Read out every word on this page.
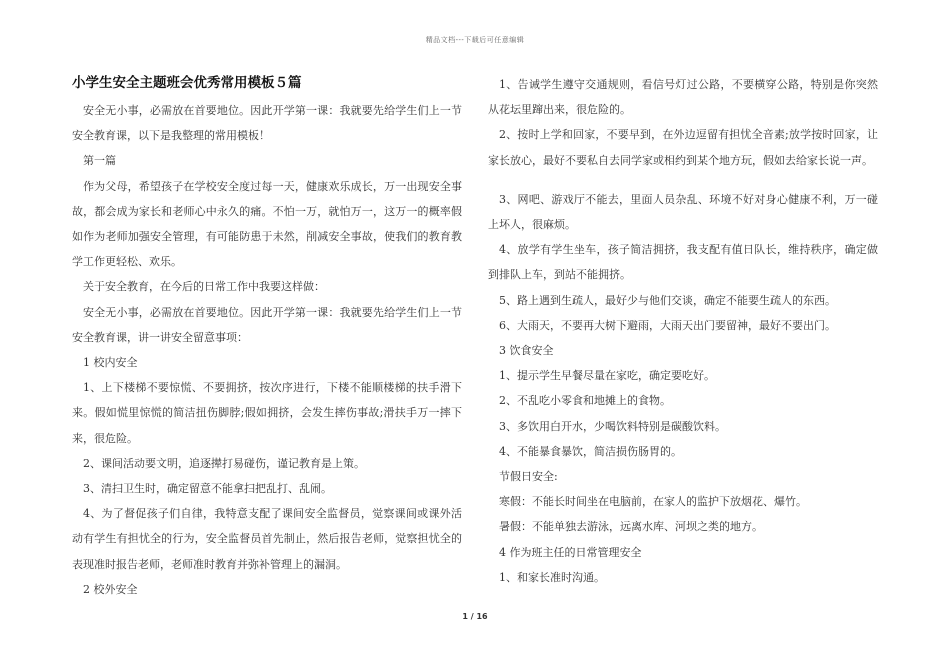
精品文档---下载后可任意编辑
小学生安全主题班会优秀常用模板５篇

安全无小事，必需放在首要地位。因此开学第一课：我就要先给学生们上一节安全教育课，以下是我整理的常用模板！

第一篇

作为父母，希望孩子在学校安全度过每一天，健康欢乐成长，万一出现安全事故，都会成为家长和老师心中永久的痛。不怕一万，就怕万一，这万一的概率假如作为老师加强安全管理，有可能防患于未然，削减安全事故，使我们的教育教学工作更轻松、欢乐。

关于安全教育，在今后的日常工作中我要这样做：

安全无小事，必需放在首要地位。因此开学第一课：我就要先给学生们上一节安全教育课，讲一讲安全留意事项：

1 校内安全

1、上下楼梯不要惊慌、不要拥挤，按次序进行，下楼不能顺楼梯的扶手滑下来。假如慌里惊慌的简洁扭伤脚脖;假如拥挤，会发生摔伤事故;滑扶手万一摔下来，很危险。

2、课间活动要文明，追逐撵打易碰伤，谨记教育是上策。

3、清扫卫生时，确定留意不能拿扫把乱打、乱闹。

4、为了督促孩子们自律，我特意支配了课间安全监督员，觉察课间或课外活动有学生有担忧全的行为，安全监督员首先制止，然后报告老师，觉察担忧全的表现准时报告老师，老师准时教育并弥补管理上的漏洞。

2 校外安全

1、告诫学生遵守交通规则，看信号灯过公路，不要横穿公路，特别是你突然从花坛里蹿出来，很危险的。

2、按时上学和回家，不要早到，在外边逗留有担忧全音素;放学按时回家，让家长放心，最好不要私自去同学家或相约到某个地方玩，假如去给家长说一声。

3、网吧、游戏厅不能去，里面人员杂乱、环境不好对身心健康不利，万一碰上坏人，很麻烦。

4、放学有学生坐车，孩子简洁拥挤，我支配有值日队长，维持秩序，确定做到排队上车，到站不能拥挤。

5、路上遇到生疏人，最好少与他们交谈，确定不能要生疏人的东西。

6、大雨天，不要再大树下避雨，大雨天出门要留神，最好不要出门。

3 饮食安全

1、提示学生早餐尽量在家吃，确定要吃好。

2、不乱吃小零食和地摊上的食物。

3、多饮用白开水，少喝饮料特别是碳酸饮料。

4、不能暴食暴饮，简洁损伤肠胃的。

节假日安全:

寒假：不能长时间坐在电脑前，在家人的监护下放烟花、爆竹。

暑假：不能单独去游泳，远离水库、河坝之类的地方。

4 作为班主任的日常管理安全

1、和家长准时沟通。

1 / 16
